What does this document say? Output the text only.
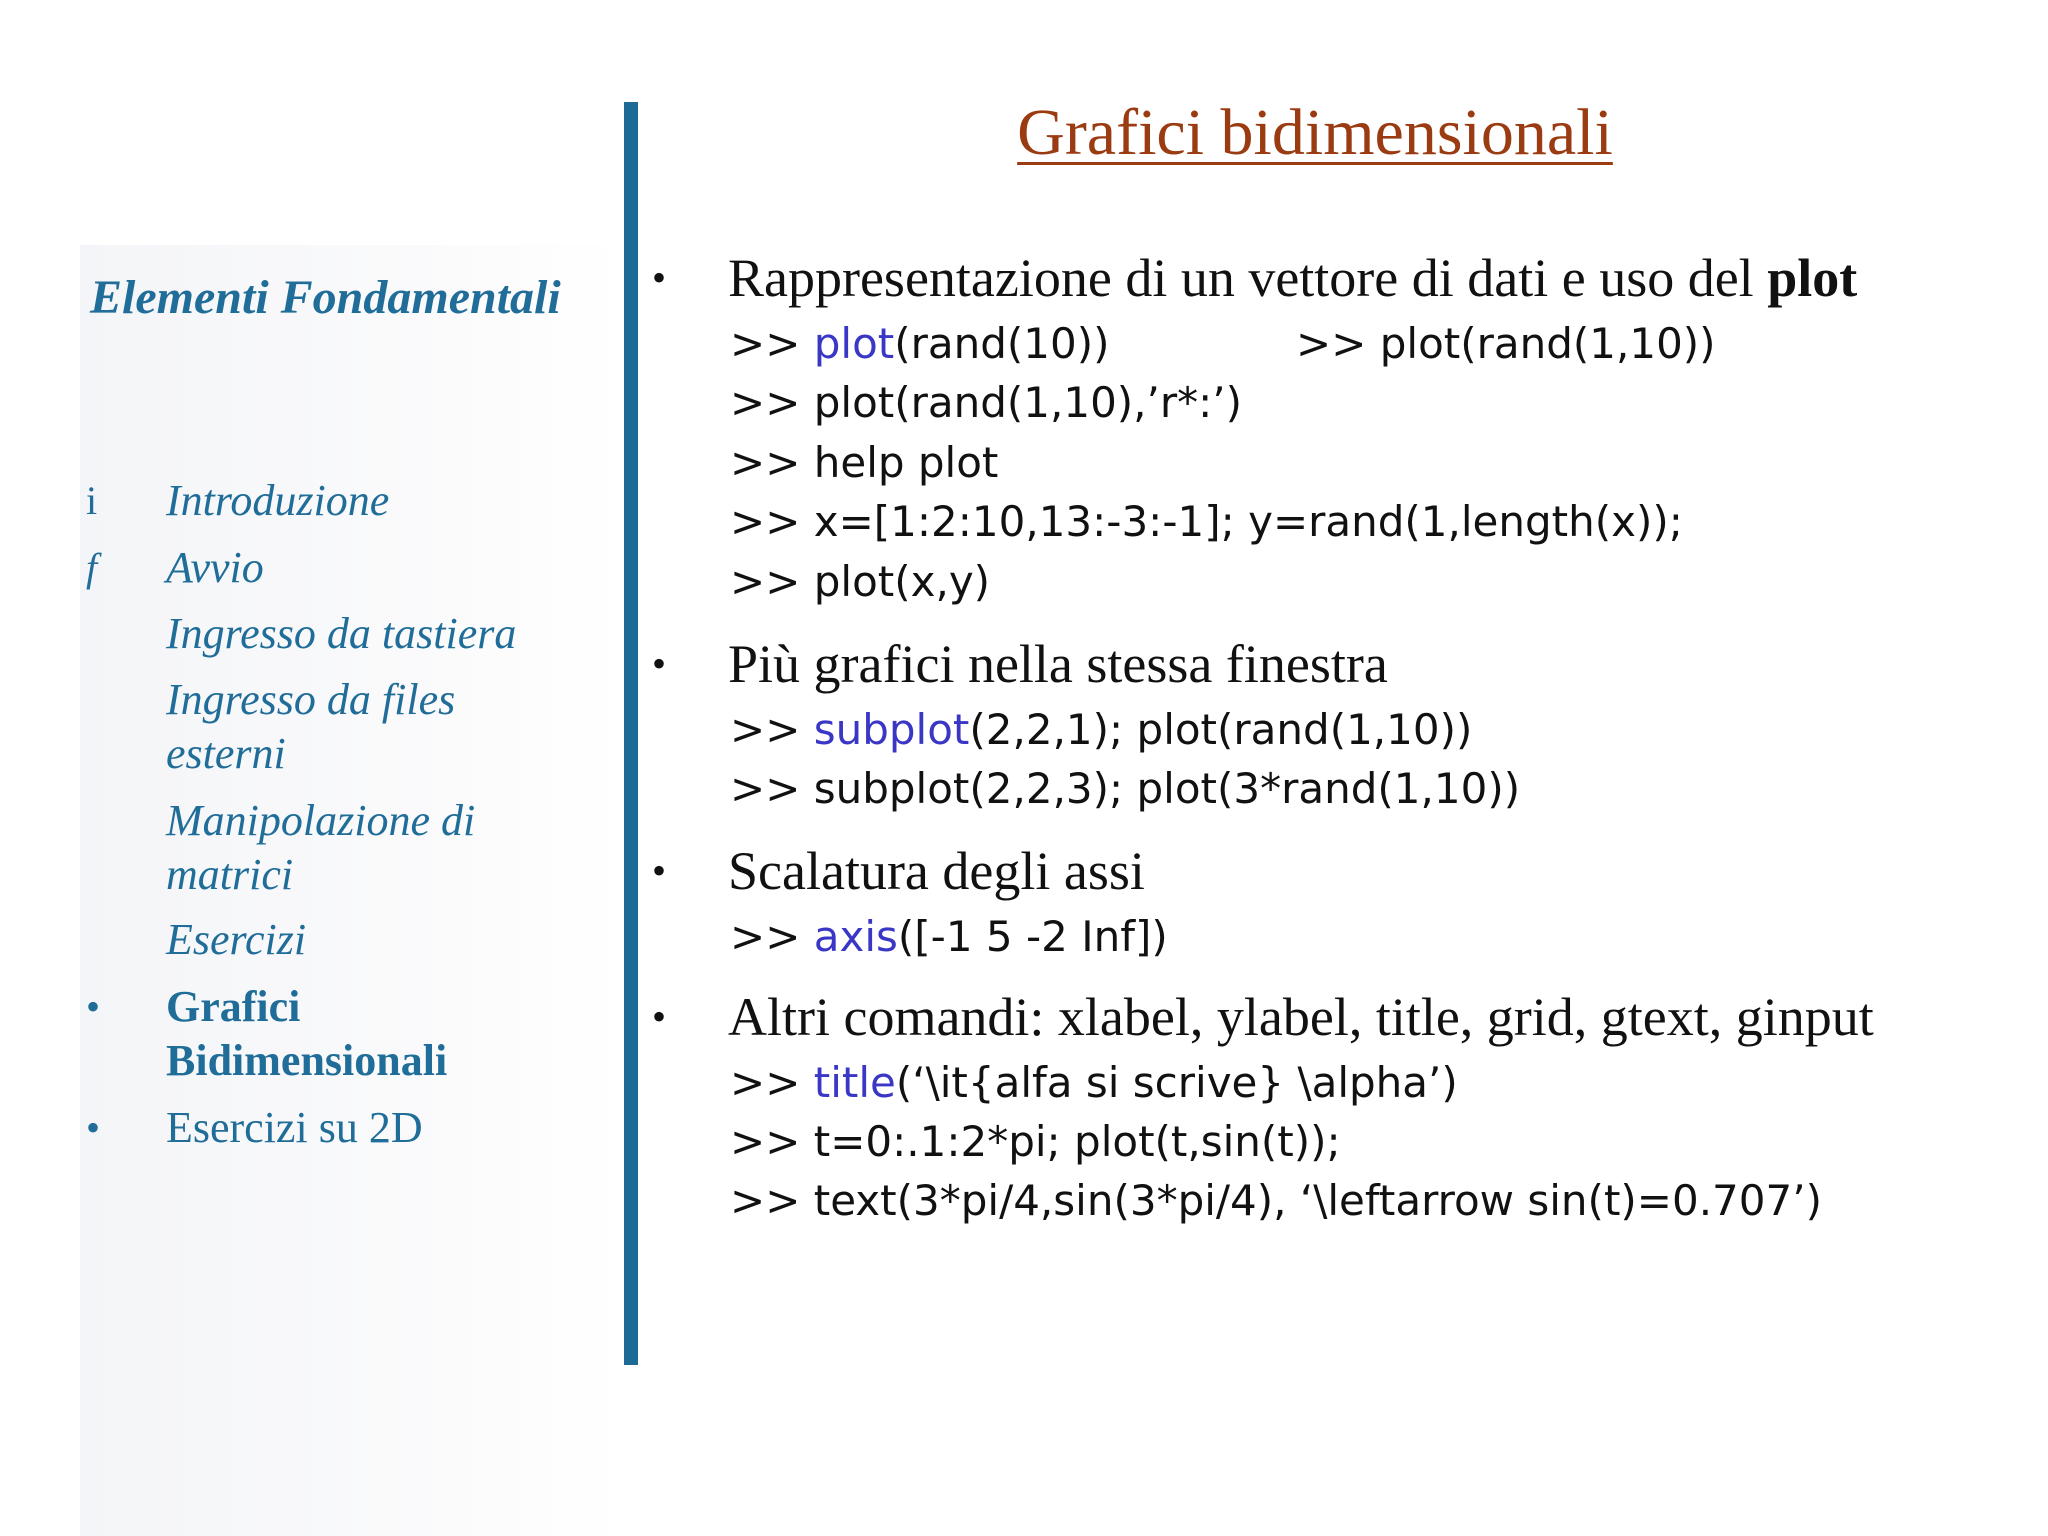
Elementi Fondamentali
i	Introduzione
f	Avvio
Ingresso da tastiera
Ingresso da files
esterni
Manipolazione di
matrici
Esercizi
•	Grafici
Bidimensionali
•	Esercizi su 2D
Grafici bidimensionali
• Rappresentazione di un vettore di dati e uso del plot
>> plot(rand(10))	>> plot(rand(1,10))
>> plot(rand(1,10),’r*:’)
>> help plot
>> x=[1:2:10,13:-3:-1]; y=rand(1,length(x));
>> plot(x,y)
• Più grafici nella stessa finestra
>> subplot(2,2,1); plot(rand(1,10))
>> subplot(2,2,3); plot(3*rand(1,10))
• Scalatura degli assi
>> axis([-1 5 -2 Inf])
• Altri comandi: xlabel, ylabel, title, grid, gtext, ginput
>> title(‘\it{alfa si scrive} \alpha’)
>> t=0:.1:2*pi; plot(t,sin(t));
>> text(3*pi/4,sin(3*pi/4), ‘\leftarrow sin(t)=0.707’)
